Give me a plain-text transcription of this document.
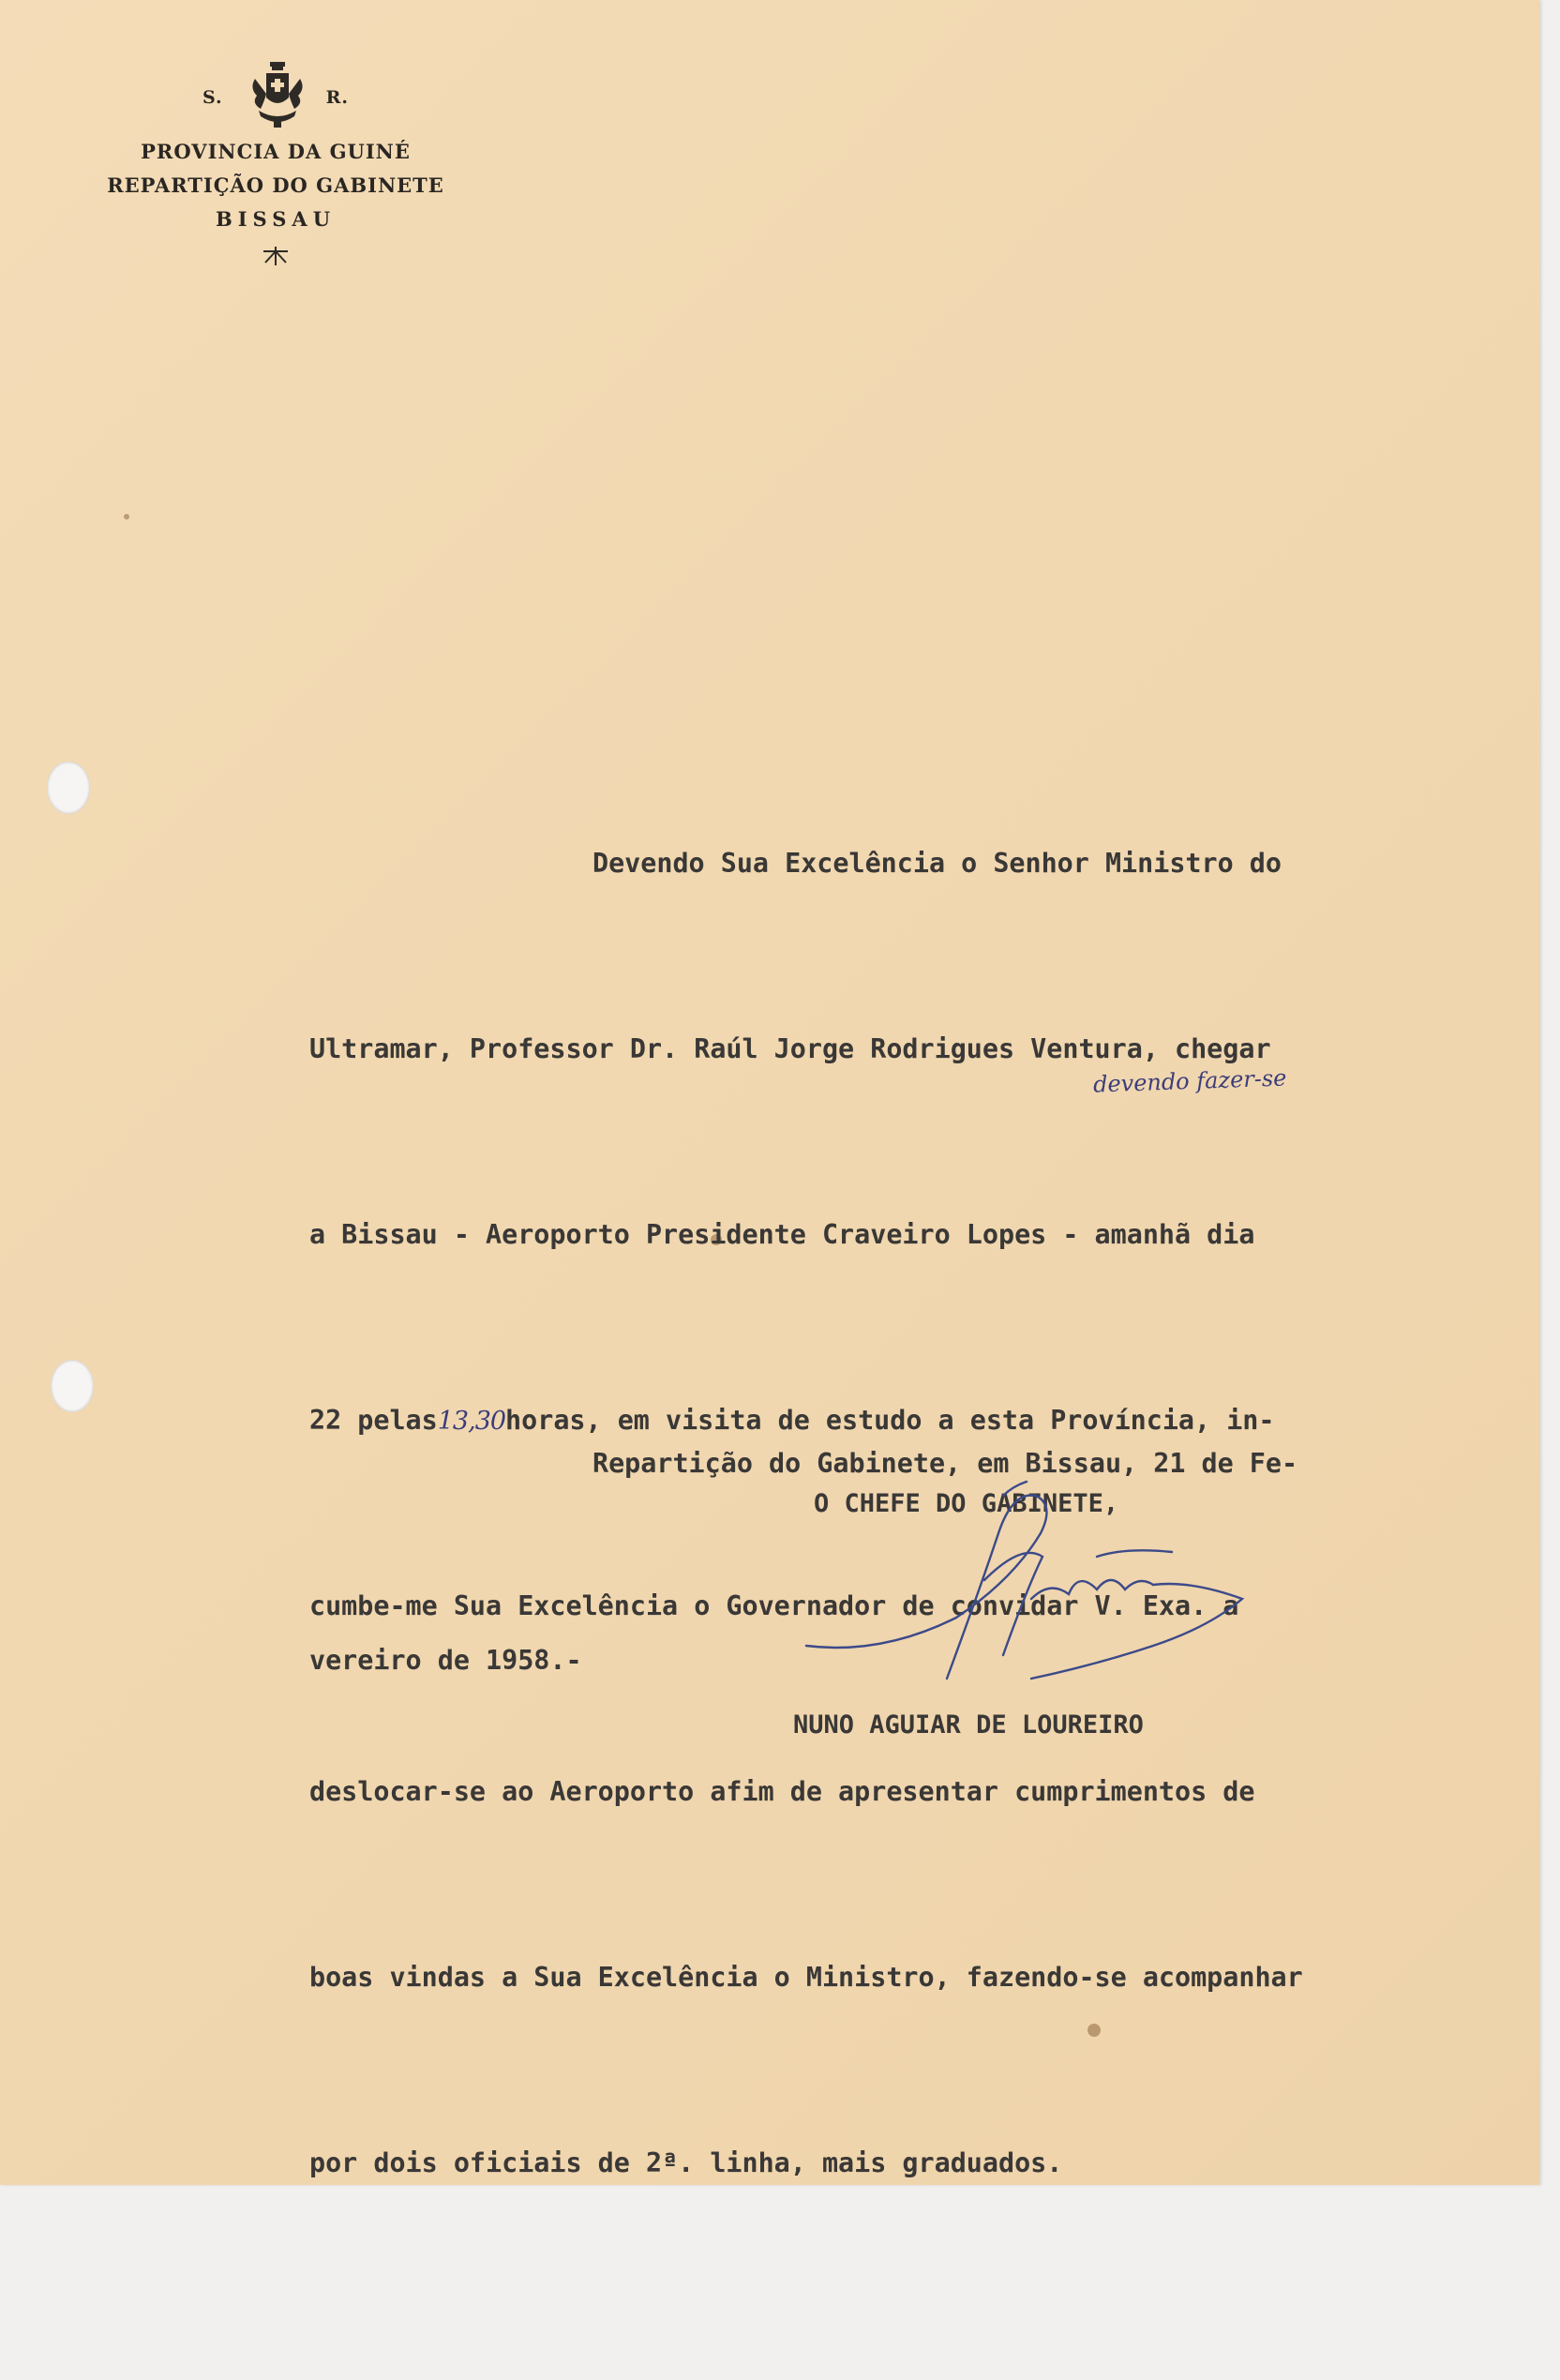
S.	R.
PROVINCIA DA GUINÉ
REPARTIÇÃO DO GABINETE
BISSAU

Devendo Sua Excelência o Senhor Ministro do

Ultramar, Professor Dr. Raúl Jorge Rodrigues Ventura, chegar

a Bissau - Aeroporto Presidente Craveiro Lopes - amanhã dia

22 pelas13,30horas, em visita de estudo a esta Província, in-

cumbe-me Sua Excelência o Governador de convidar V. Exa. a

deslocar-se ao Aeroporto afim de apresentar cumprimentos de

boas vindas a Sua Excelência o Ministro, fazendo-se acompanhar

por dois oficiais de 2ª. linha, mais graduados.

devendo fazer-se

Repartição do Gabinete, em Bissau, 21 de Fe-

vereiro de 1958.-

O CHEFE DO GABINETE,
NUNO AGUIAR DE LOUREIRO
